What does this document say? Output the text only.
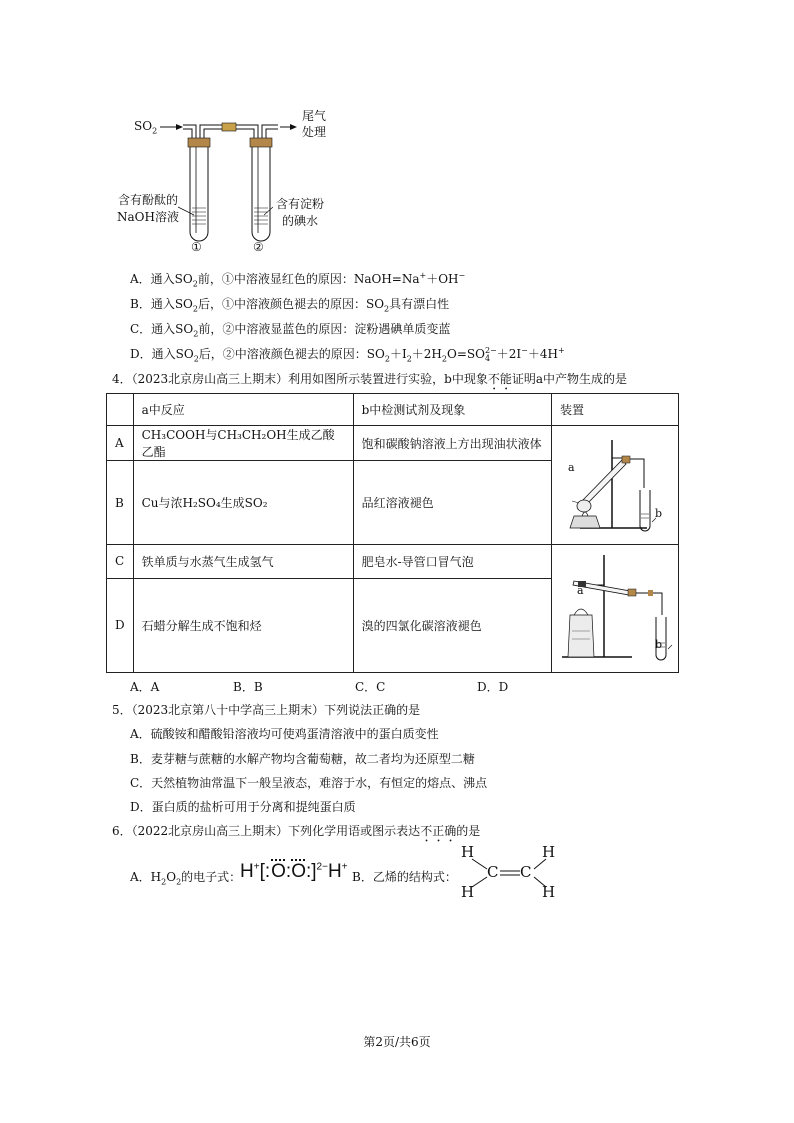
$SO_2$
尾气
处理
含有酚酞的
NaOH溶液
含有淀粉
的碘水
①	②
A．通入$SO_2$前，①中溶液显红色的原因：NaOH=Na+＋OH−
B．通入$SO_2$后，①中溶液颜色褪去的原因：$SO_2$具有漂白性
C．通入$SO_2$前，②中溶液显蓝色的原因：淀粉遇碘单质变蓝
D．通入$SO_2$后，②中溶液颜色褪去的原因：$SO_2+I_2+2H_2O=SO$ 2−
4 ＋2I−＋4H+
4．（2023北京房山高三上期末）利用如图所示装置进行实验，b中现象不能证明a中产物生成的是
	a中反应	b中检测试剂及现象	装置
A	CH₃COOH与CH₃CH₂OH生成乙酸乙酯	饱和碳酸钠溶液上方出现油状液体	
B	Cu与浓H₂SO₄生成SO₂	品红溶液褪色	
C	铁单质与水蒸气生成氢气	肥皂水-导管口冒气泡	
D	石蜡分解生成不饱和烃	溴的四氯化碳溶液褪色	
a
b
a
b
A．A	B．B	C．C	D．D
5．（2023北京第八十中学高三上期末）下列说法正确的是
A．硫酸铵和醋酸铅溶液均可使鸡蛋清溶液中的蛋白质变性
B．麦芽糖与蔗糖的水解产物均含葡萄糖，故二者均为还原型二糖
C．天然植物油常温下一般呈液态，难溶于水，有恒定的熔点、沸点
D．蛋白质的盐析可用于分离和提纯蛋白质
6．（2022北京房山高三上期末）下列化学用语或图示表达不正确的是
A．$H_2O_2$的电子式：
H+[:O:O:]$^{2-}$H+
B．乙烯的结构式：
H
H
C C
H
H
第2页/共6页
